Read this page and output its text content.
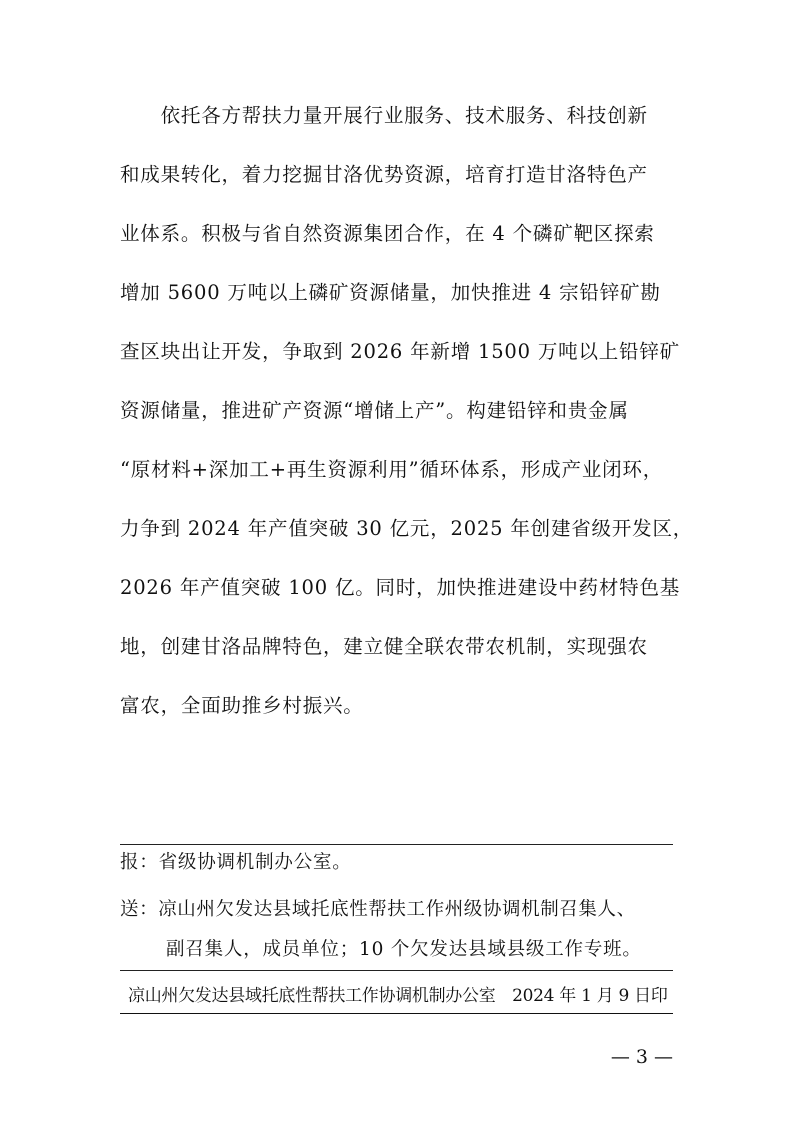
　　依托各方帮扶力量开展行业服务、技术服务、科技创新
和成果转化，着力挖掘甘洛优势资源，培育打造甘洛特色产
业体系。积极与省自然资源集团合作，在 4 个磷矿靶区探索
增加 5600 万吨以上磷矿资源储量，加快推进 4 宗铅锌矿勘
查区块出让开发，争取到 2026 年新增 1500 万吨以上铅锌矿
资源储量，推进矿产资源“增储上产”。构建铅锌和贵金属
“原材料+深加工+再生资源利用”循环体系，形成产业闭环，
力争到 2024 年产值突破 30 亿元，2025 年创建省级开发区，
2026 年产值突破 100 亿。同时，加快推进建设中药材特色基
地，创建甘洛品牌特色，建立健全联农带农机制，实现强农
富农，全面助推乡村振兴。
报：省级协调机制办公室。
送：凉山州欠发达县域托底性帮扶工作州级协调机制召集人、
副召集人，成员单位；10 个欠发达县域县级工作专班。
凉山州欠发达县域托底性帮扶工作协调机制办公室　2024 年 1 月 9 日印
— 3 —
